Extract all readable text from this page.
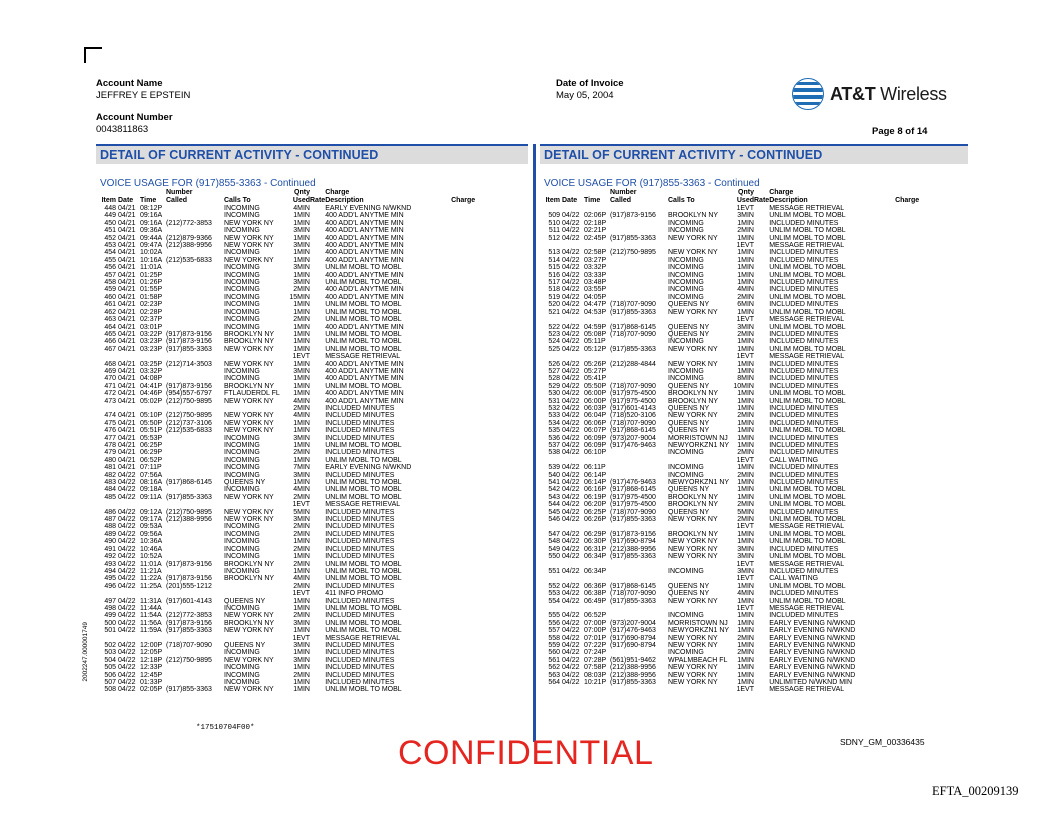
Account Name
JEFFREY E EPSTEIN
Account Number
0043811863
Date of Invoice
May 05, 2004	AT&T Wireless
Page 8 of 14
DETAIL OF CURRENT ACTIVITY - CONTINUED
VOICE USAGE FOR (917)855-3363 - Continued
			Number		Qnty		Charge	
Item	Date	Time	Called	Calls To	Used	Rate	Description	Charge
448	04/21	08:12P		INCOMING	4MIN		EARLY EVENING N/WKND	
449	04/21	09:16A		INCOMING	1MIN		400 ADD'L ANYTME MIN	
450	04/21	09:16A	(212)772-3853	NEW YORK NY	1MIN		400 ADD'L ANYTME MIN	
451	04/21	09:36A		INCOMING	3MIN		400 ADD'L ANYTME MIN	
452	04/21	09:44A	(212)879-9366	NEW YORK NY	1MIN		400 ADD'L ANYTME MIN	
453	04/21	09:47A	(212)388-9956	NEW YORK NY	3MIN		400 ADD'L ANYTME MIN	
454	04/21	10:02A		INCOMING	1MIN		400 ADD'L ANYTME MIN	
455	04/21	10:16A	(212)535-6833	NEW YORK NY	1MIN		400 ADD'L ANYTME MIN	
456	04/21	11:01A		INCOMING	3MIN		UNLIM MOBL TO MOBL	
457	04/21	01:25P		INCOMING	1MIN		400 ADD'L ANYTME MIN	
458	04/21	01:26P		INCOMING	3MIN		UNLIM MOBL TO MOBL	
459	04/21	01:55P		INCOMING	2MIN		400 ADD'L ANYTME MIN	
460	04/21	01:58P		INCOMING	15MIN		400 ADD'L ANYTME MIN	
461	04/21	02:23P		INCOMING	1MIN		UNLIM MOBL TO MOBL	
462	04/21	02:28P		INCOMING	1MIN		UNLIM MOBL TO MOBL	
463	04/21	02:37P		INCOMING	2MIN		UNLIM MOBL TO MOBL	
464	04/21	03:01P		INCOMING	1MIN		400 ADD'L ANYTME MIN	
465	04/21	03:22P	(917)873-9156	BROOKLYN NY	1MIN		UNLIM MOBL TO MOBL	
466	04/21	03:23P	(917)873-9156	BROOKLYN NY	1MIN		UNLIM MOBL TO MOBL	
467	04/21	03:23P	(917)855-3363	NEW YORK NY	1MIN		UNLIM MOBL TO MOBL	
					1EVT		MESSAGE RETRIEVAL	
468	04/21	03:25P	(212)714-3503	NEW YORK NY	1MIN		400 ADD'L ANYTME MIN	
469	04/21	03:32P		INCOMING	3MIN		400 ADD'L ANYTME MIN	
470	04/21	04:08P		INCOMING	1MIN		400 ADD'L ANYTME MIN	
471	04/21	04:41P	(917)873-9156	BROOKLYN NY	1MIN		UNLIM MOBL TO MOBL	
472	04/21	04:46P	(954)557-6797	FTLAUDERDL FL	1MIN		400 ADD'L ANYTME MIN	
473	04/21	05:02P	(212)750-9895	NEW YORK NY	4MIN		400 ADD'L ANYTME MIN	
					2MIN		INCLUDED MINUTES	
474	04/21	05:10P	(212)750-9895	NEW YORK NY	4MIN		INCLUDED MINUTES	
475	04/21	05:50P	(212)737-3106	NEW YORK NY	1MIN		INCLUDED MINUTES	
476	04/21	05:51P	(212)535-6833	NEW YORK NY	1MIN		INCLUDED MINUTES	
477	04/21	05:53P		INCOMING	3MIN		INCLUDED MINUTES	
478	04/21	06:25P		INCOMING	1MIN		UNLIM MOBL TO MOBL	
479	04/21	06:29P		INCOMING	2MIN		INCLUDED MINUTES	
480	04/21	06:52P		INCOMING	1MIN		UNLIM MOBL TO MOBL	
481	04/21	07:11P		INCOMING	7MIN		EARLY EVENING N/WKND	
482	04/22	07:56A		INCOMING	3MIN		INCLUDED MINUTES	
483	04/22	08:16A	(917)868-6145	QUEENS NY	1MIN		UNLIM MOBL TO MOBL	
484	04/22	09:18A		INCOMING	4MIN		UNLIM MOBL TO MOBL	
485	04/22	09:11A	(917)855-3363	NEW YORK NY	2MIN		UNLIM MOBL TO MOBL	
					1EVT		MESSAGE RETRIEVAL	
486	04/22	09:12A	(212)750-9895	NEW YORK NY	5MIN		INCLUDED MINUTES	
487	04/22	09:17A	(212)388-9956	NEW YORK NY	3MIN		INCLUDED MINUTES	
488	04/22	09:53A		INCOMING	2MIN		INCLUDED MINUTES	
489	04/22	09:56A		INCOMING	2MIN		INCLUDED MINUTES	
490	04/22	10:36A		INCOMING	1MIN		INCLUDED MINUTES	
491	04/22	10:46A		INCOMING	2MIN		INCLUDED MINUTES	
492	04/22	10:52A		INCOMING	1MIN		INCLUDED MINUTES	
493	04/22	11:01A	(917)873-9156	BROOKLYN NY	2MIN		UNLIM MOBL TO MOBL	
494	04/22	11:21A		INCOMING	1MIN		UNLIM MOBL TO MOBL	
495	04/22	11:22A	(917)873-9156	BROOKLYN NY	4MIN		UNLIM MOBL TO MOBL	
496	04/22	11:25A	(201)555-1212		2MIN		INCLUDED MINUTES	
					1EVT		411 INFO PROMO	
497	04/22	11:31A	(917)601-4143	QUEENS NY	1MIN		INCLUDED MINUTES	
498	04/22	11:44A		INCOMING	1MIN		UNLIM MOBL TO MOBL	
499	04/22	11:54A	(212)772-3853	NEW YORK NY	2MIN		INCLUDED MINUTES	
500	04/22	11:56A	(917)873-9156	BROOKLYN NY	3MIN		UNLIM MOBL TO MOBL	
501	04/22	11:59A	(917)855-3363	NEW YORK NY	1MIN		UNLIM MOBL TO MOBL	
					1EVT		MESSAGE RETRIEVAL	
502	04/22	12:00P	(718)707-9090	QUEENS NY	3MIN		INCLUDED MINUTES	
503	04/22	12:05P		INCOMING	1MIN		INCLUDED MINUTES	
504	04/22	12:18P	(212)750-9895	NEW YORK NY	3MIN		INCLUDED MINUTES	
505	04/22	12:33P		INCOMING	1MIN		INCLUDED MINUTES	
506	04/22	12:45P		INCOMING	2MIN		INCLUDED MINUTES	
507	04/22	01:33P		INCOMING	1MIN		INCLUDED MINUTES	
508	04/22	02:05P	(917)855-3363	NEW YORK NY	1MIN		UNLIM MOBL TO MOBL	
DETAIL OF CURRENT ACTIVITY - CONTINUED
VOICE USAGE FOR (917)855-3363 - Continued
			Number		Qnty		Charge	
Item	Date	Time	Called	Calls To	Used	Rate	Description	Charge
					1EVT		MESSAGE RETRIEVAL	
509	04/22	02:06P	(917)873-9156	BROOKLYN NY	3MIN		UNLIM MOBL TO MOBL	
510	04/22	02:18P		INCOMING	1MIN		INCLUDED MINUTES	
511	04/22	02:21P		INCOMING	2MIN		UNLIM MOBL TO MOBL	
512	04/22	02:45P	(917)855-3363	NEW YORK NY	1MIN		UNLIM MOBL TO MOBL	
					1EVT		MESSAGE RETRIEVAL	
513	04/22	02:58P	(212)750-9895	NEW YORK NY	1MIN		INCLUDED MINUTES	
514	04/22	03:27P		INCOMING	1MIN		INCLUDED MINUTES	
515	04/22	03:32P		INCOMING	1MIN		UNLIM MOBL TO MOBL	
516	04/22	03:33P		INCOMING	1MIN		UNLIM MOBL TO MOBL	
517	04/22	03:48P		INCOMING	1MIN		INCLUDED MINUTES	
518	04/22	03:55P		INCOMING	4MIN		INCLUDED MINUTES	
519	04/22	04:05P		INCOMING	2MIN		UNLIM MOBL TO MOBL	
520	04/22	04:47P	(718)707-9090	QUEENS NY	6MIN		INCLUDED MINUTES	
521	04/22	04:53P	(917)855-3363	NEW YORK NY	1MIN		UNLIM MOBL TO MOBL	
					1EVT		MESSAGE RETRIEVAL	
522	04/22	04:59P	(917)868-6145	QUEENS NY	3MIN		UNLIM MOBL TO MOBL	
523	04/22	05:08P	(718)707-9090	QUEENS NY	2MIN		INCLUDED MINUTES	
524	04/22	05:11P		INCOMING	1MIN		INCLUDED MINUTES	
525	04/22	05:12P	(917)855-3363	NEW YORK NY	1MIN		UNLIM MOBL TO MOBL	
					1EVT		MESSAGE RETRIEVAL	
526	04/22	05:26P	(212)288-4844	NEW YORK NY	1MIN		INCLUDED MINUTES	
527	04/22	05:27P		INCOMING	1MIN		INCLUDED MINUTES	
528	04/22	05:41P		INCOMING	8MIN		INCLUDED MINUTES	
529	04/22	05:50P	(718)707-9090	QUEENS NY	10MIN		INCLUDED MINUTES	
530	04/22	06:00P	(917)975-4500	BROOKLYN NY	1MIN		UNLIM MOBL TO MOBL	
531	04/22	06:00P	(917)975-4500	BROOKLYN NY	1MIN		UNLIM MOBL TO MOBL	
532	04/22	06:03P	(917)601-4143	QUEENS NY	1MIN		INCLUDED MINUTES	
533	04/22	06:04P	(718)520-3106	NEW YORK NY	2MIN		INCLUDED MINUTES	
534	04/22	06:06P	(718)707-9090	QUEENS NY	1MIN		INCLUDED MINUTES	
535	04/22	06:07P	(917)868-6145	QUEENS NY	1MIN		UNLIM MOBL TO MOBL	
536	04/22	06:09P	(973)207-9004	MORRISTOWN NJ	1MIN		INCLUDED MINUTES	
537	04/22	06:09P	(917)476-9463	NEWYORKZN1 NY	1MIN		INCLUDED MINUTES	
538	04/22	06:10P		INCOMING	2MIN		INCLUDED MINUTES	
					1EVT		CALL WAITING	
539	04/22	06:11P		INCOMING	1MIN		INCLUDED MINUTES	
540	04/22	06:14P		INCOMING	2MIN		INCLUDED MINUTES	
541	04/22	06:14P	(917)476-9463	NEWYORKZN1 NY	1MIN		INCLUDED MINUTES	
542	04/22	06:16P	(917)868-6145	QUEENS NY	1MIN		UNLIM MOBL TO MOBL	
543	04/22	06:19P	(917)975-4500	BROOKLYN NY	1MIN		UNLIM MOBL TO MOBL	
544	04/22	06:20P	(917)975-4500	BROOKLYN NY	2MIN		UNLIM MOBL TO MOBL	
545	04/22	06:25P	(718)707-9090	QUEENS NY	5MIN		INCLUDED MINUTES	
546	04/22	06:26P	(917)855-3363	NEW YORK NY	2MIN		UNLIM MOBL TO MOBL	
					1EVT		MESSAGE RETRIEVAL	
547	04/22	06:29P	(917)873-9156	BROOKLYN NY	1MIN		UNLIM MOBL TO MOBL	
548	04/22	06:30P	(917)690-8794	NEW YORK NY	1MIN		UNLIM MOBL TO MOBL	
549	04/22	06:31P	(212)388-9956	NEW YORK NY	3MIN		INCLUDED MINUTES	
550	04/22	06:34P	(917)855-3363	NEW YORK NY	3MIN		UNLIM MOBL TO MOBL	
					1EVT		MESSAGE RETRIEVAL	
551	04/22	06:34P		INCOMING	3MIN		INCLUDED MINUTES	
					1EVT		CALL WAITING	
552	04/22	06:36P	(917)868-6145	QUEENS NY	1MIN		UNLIM MOBL TO MOBL	
553	04/22	06:38P	(718)707-9090	QUEENS NY	4MIN		INCLUDED MINUTES	
554	04/22	06:49P	(917)855-3363	NEW YORK NY	1MIN		UNLIM MOBL TO MOBL	
					1EVT		MESSAGE RETRIEVAL	
555	04/22	06:52P		INCOMING	1MIN		INCLUDED MINUTES	
556	04/22	07:00P	(973)207-9004	MORRISTOWN NJ	1MIN		EARLY EVENING N/WKND	
557	04/22	07:00P	(917)476-9463	NEWYORKZN1 NY	1MIN		EARLY EVENING N/WKND	
558	04/22	07:01P	(917)690-8794	NEW YORK NY	2MIN		EARLY EVENING N/WKND	
559	04/22	07:22P	(917)690-8794	NEW YORK NY	1MIN		EARLY EVENING N/WKND	
560	04/22	07:24P		INCOMING	2MIN		EARLY EVENING N/WKND	
561	04/22	07:28P	(561)951-9462	WPALMBEACH FL	1MIN		EARLY EVENING N/WKND	
562	04/22	07:58P	(212)388-9956	NEW YORK NY	1MIN		EARLY EVENING N/WKND	
563	04/22	08:03P	(212)388-9956	NEW YORK NY	1MIN		EARLY EVENING N/WKND	
564	04/22	10:21P	(917)855-3363	NEW YORK NY	1MIN		UNLIMITED N/WKND MIN	
					1EVT		MESSAGE RETRIEVAL	
2002247.000001749
*17510704F00*
CONFIDENTIAL	SDNY_GM_00336435
EFTA_00209139
